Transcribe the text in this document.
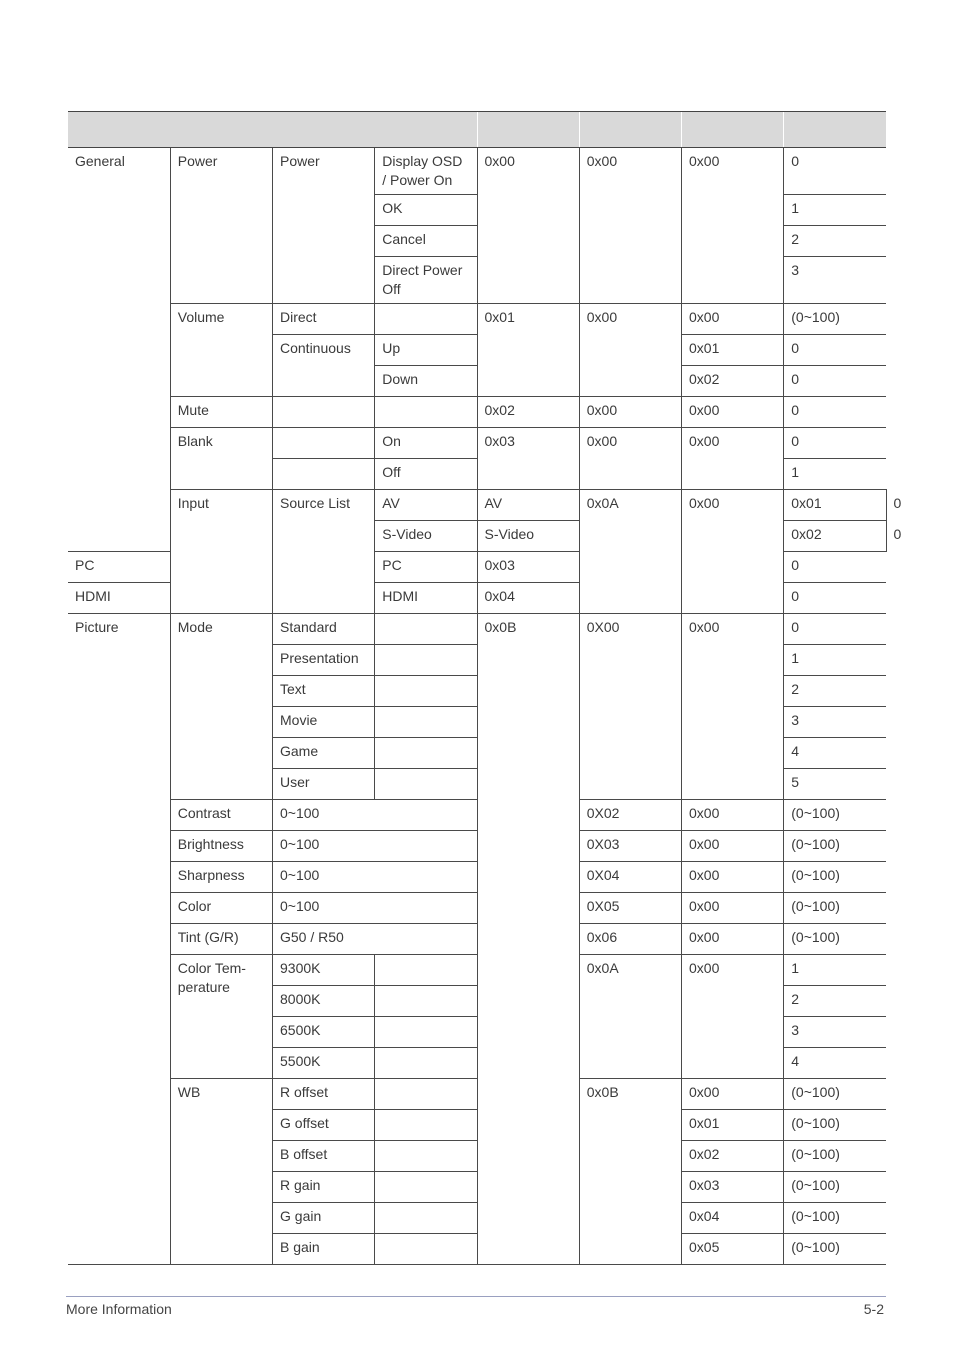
General	Power	Power	Display OSD / Power On	0x00	0x00	0x00	0	
			OK				1	
			Cancel				2	
			Direct Power Off				3	
	Volume	Direct		0x01	0x00	0x00	(0~100)	
		Continuous	Up			0x01	0	
			Down			0x02	0	
	Mute			0x02	0x00	0x00	0	
	Blank		On	0x03	0x00	0x00	0	
			Off				1	
	Input	Source List	AV	AV	0x0A	0x00	0x01	0
			S-Video	S-Video			0x02	0
PC			PC	0x03			0	
HDMI			HDMI	0x04			0	
Picture	Mode	Standard		0x0B	0X00	0x00	0	
		Presentation					1	
		Text					2	
		Movie					3	
		Game					4	
		User					5	
	Contrast	0~100			0X02	0x00	(0~100)	
	Brightness	0~100			0X03	0x00	(0~100)	
	Sharpness	0~100			0X04	0x00	(0~100)	
	Color	0~100			0X05	0x00	(0~100)	
	Tint (G/R)	G50 / R50			0x06	0x00	(0~100)	
	Color Tem-perature	9300K			0x0A	0x00	1	
		8000K					2	
		6500K					3	
		5500K					4	
	WB	R offset			0x0B	0x00	(0~100)	
		G offset				0x01	(0~100)	
		B offset				0x02	(0~100)	
		R gain				0x03	(0~100)	
		G gain				0x04	(0~100)	
		B gain				0x05	(0~100)	
More Information	5-2
